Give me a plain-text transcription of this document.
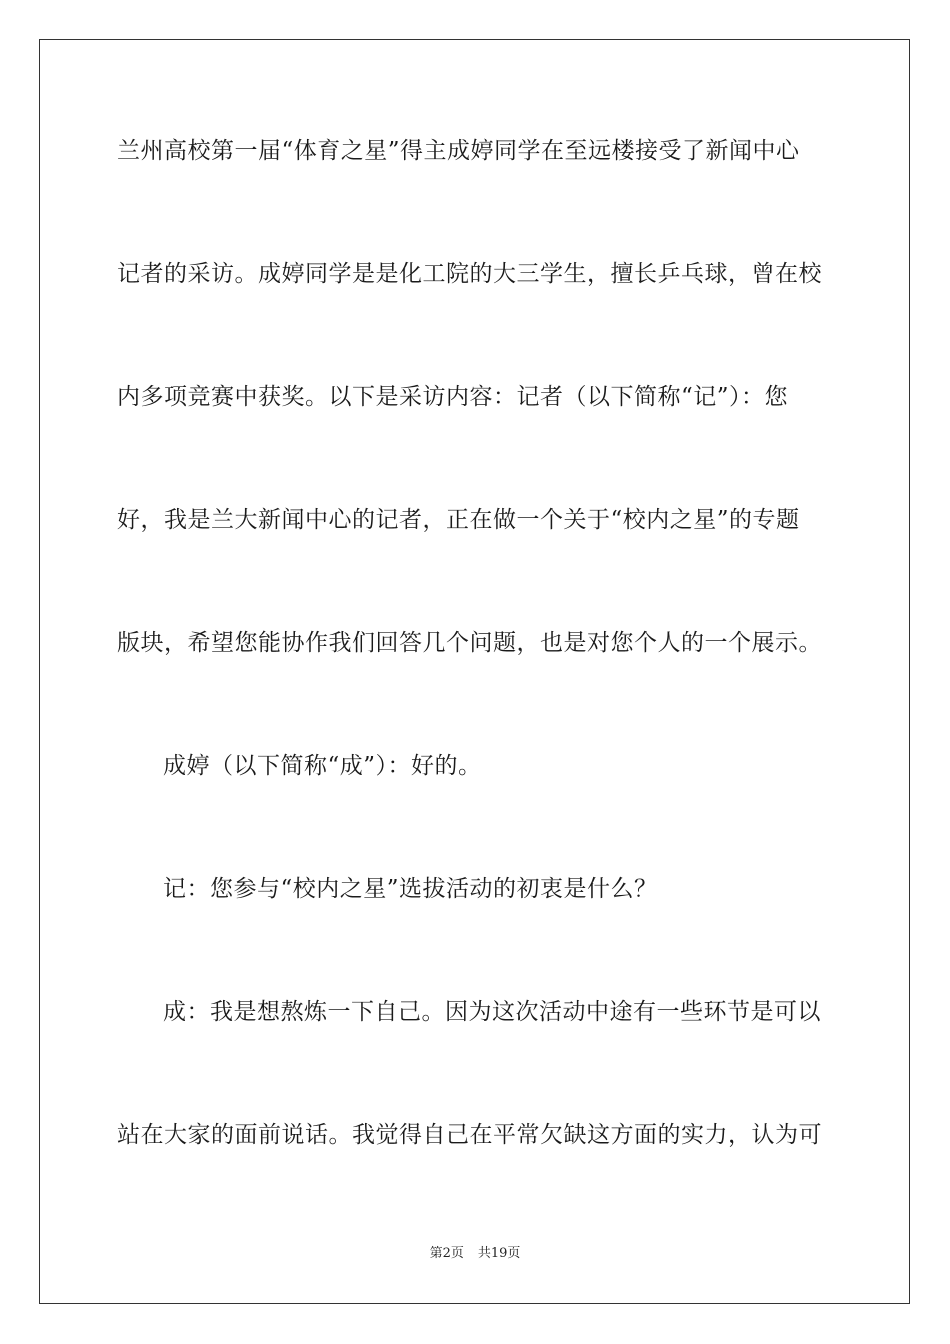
兰州高校第一届“体育之星”得主成婷同学在至远楼接受了新闻中心
记者的采访。成婷同学是是化工院的大三学生，擅长乒乓球，曾在校
内多项竞赛中获奖。以下是采访内容：记者（以下简称“记”）：您
好，我是兰大新闻中心的记者，正在做一个关于“校内之星”的专题
版块，希望您能协作我们回答几个问题，也是对您个人的一个展示。
成婷（以下简称“成”）：好的。
记：您参与“校内之星”选拔活动的初衷是什么？
成：我是想熬炼一下自己。因为这次活动中途有一些环节是可以
站在大家的面前说话。我觉得自己在平常欠缺这方面的实力，认为可
第2页 共19页
